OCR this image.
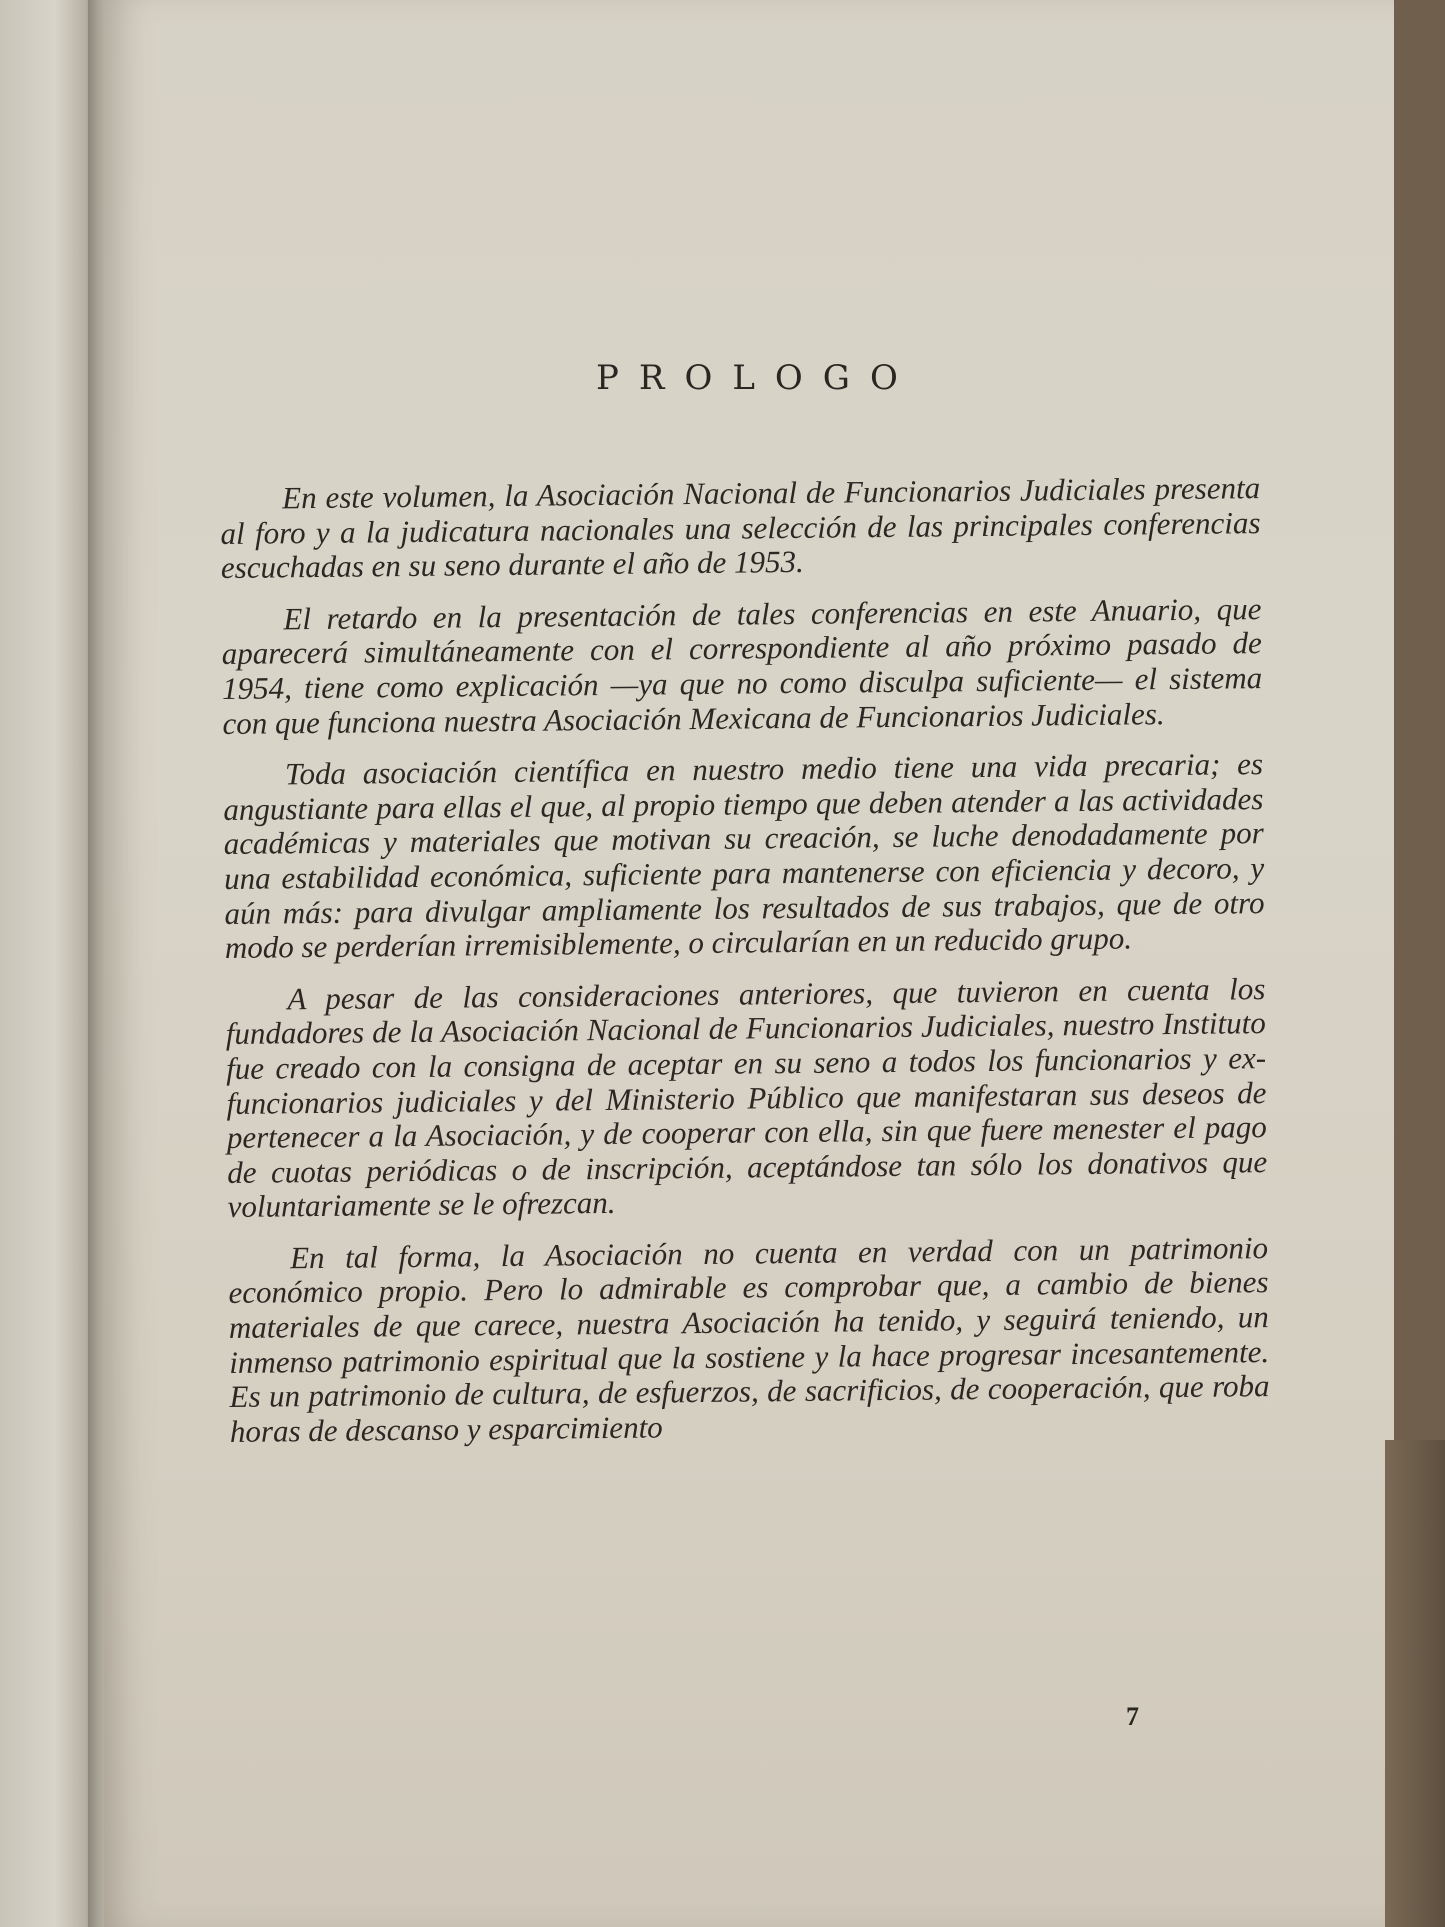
PROLOGO

En este volumen, la Asociación Nacional de Funcionarios Judiciales presenta al foro y a la judicatura nacionales una selección de las principales conferencias escuchadas en su seno durante el año de 1953.

El retardo en la presentación de tales conferencias en este Anuario, que aparecerá simultáneamente con el correspondiente al año próximo pasado de 1954, tiene como explicación —ya que no como disculpa suficiente— el sistema con que funciona nuestra Asociación Mexicana de Funcionarios Judiciales.

Toda asociación científica en nuestro medio tiene una vida precaria; es angustiante para ellas el que, al propio tiempo que deben atender a las actividades académicas y materiales que motivan su creación, se luche denodadamente por una estabilidad económica, suficiente para mantenerse con eficiencia y decoro, y aún más: para divulgar ampliamente los resultados de sus trabajos, que de otro modo se perderían irremisiblemente, o circularían en un reducido grupo.

A pesar de las consideraciones anteriores, que tuvieron en cuenta los fundadores de la Asociación Nacional de Funcionarios Judiciales, nuestro Instituto fue creado con la consigna de aceptar en su seno a todos los funcionarios y ex-funcionarios judiciales y del Ministerio Público que manifestaran sus deseos de pertenecer a la Asociación, y de cooperar con ella, sin que fuere menester el pago de cuotas periódicas o de inscripción, aceptándose tan sólo los donativos que voluntariamente se le ofrezcan.

En tal forma, la Asociación no cuenta en verdad con un patrimonio económico propio. Pero lo admirable es comprobar que, a cambio de bienes materiales de que carece, nuestra Asociación ha tenido, y seguirá teniendo, un inmenso patrimonio espiritual que la sostiene y la hace progresar incesantemente. Es un patrimonio de cultura, de esfuerzos, de sacrificios, de cooperación, que roba horas de descanso y esparcimiento

7
